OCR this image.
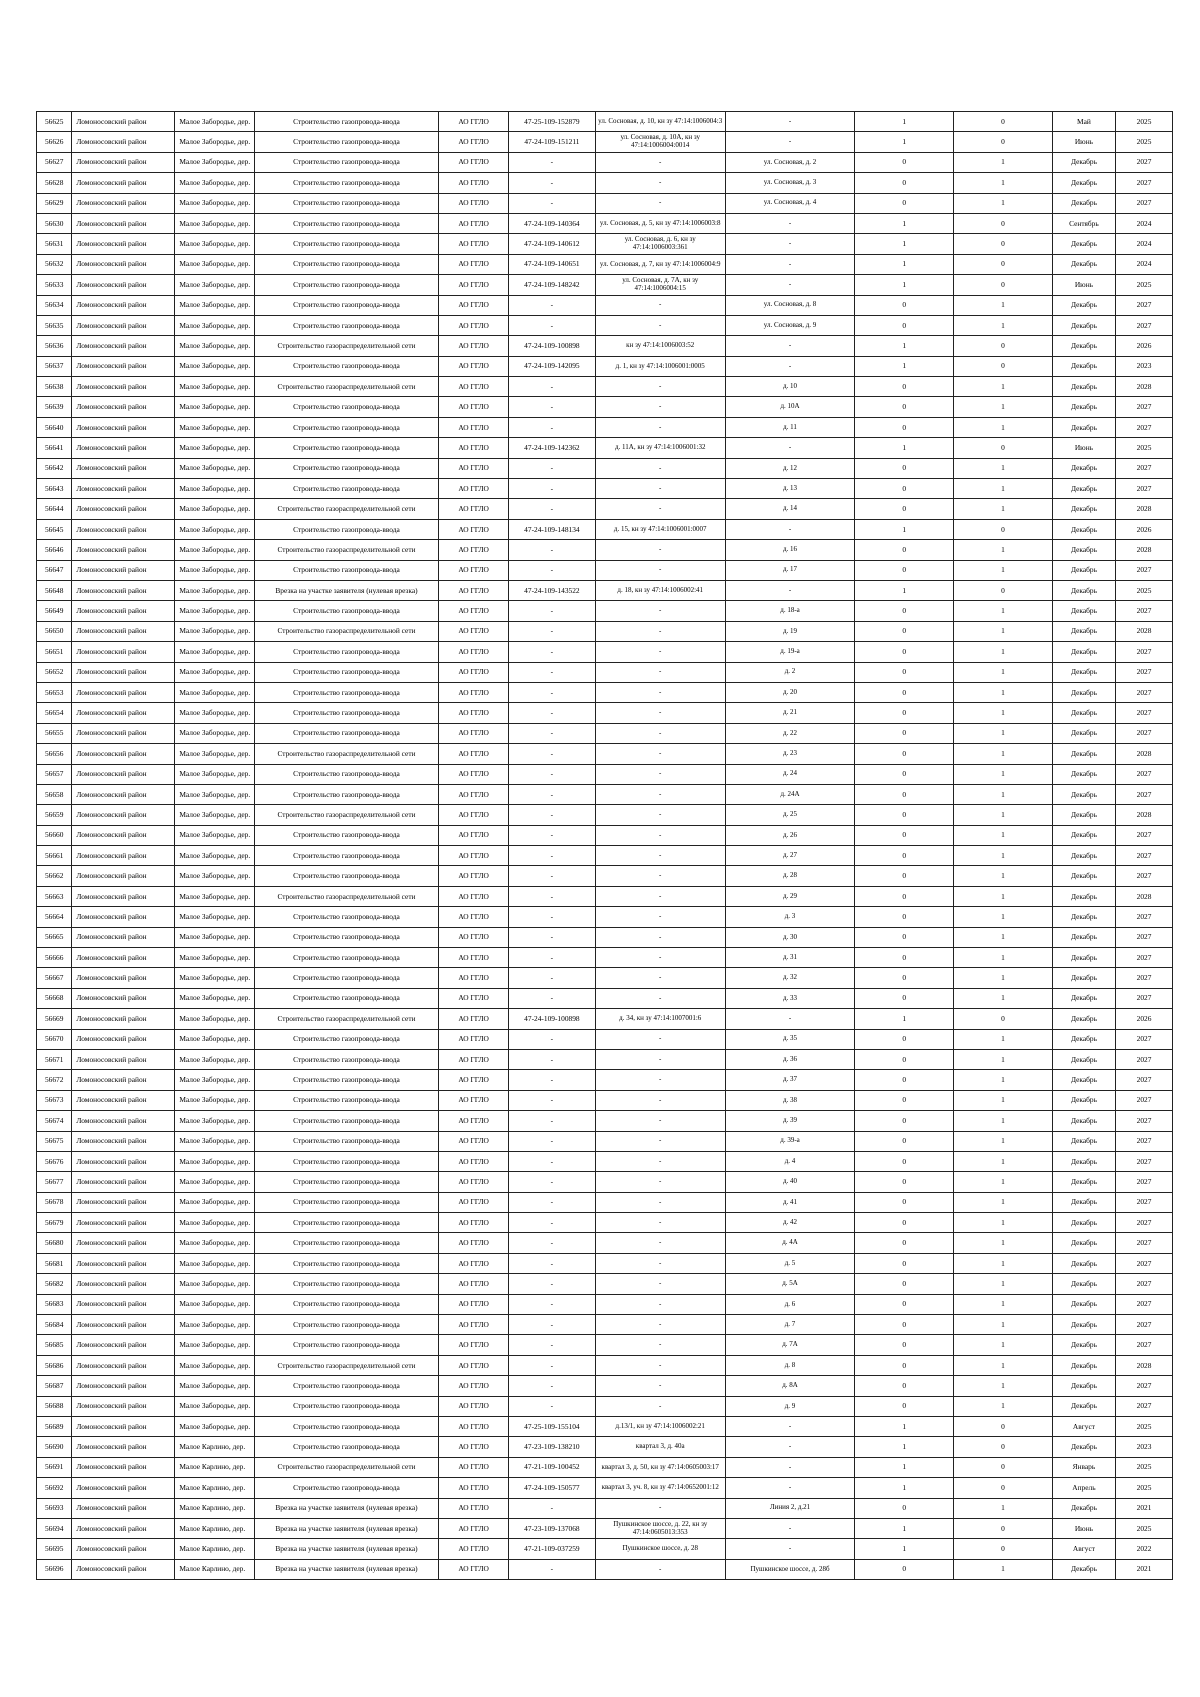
56625	Ломоносовский район	Малое Забородье, дер.	Строительство газопровода-ввода	АО ГГЛО	47-25-109-152879	ул. Сосновая, д. 10, кн зу 47:14:1006004:3	-	1	0	Май	2025
56626	Ломоносовский район	Малое Забородье, дер.	Строительство газопровода-ввода	АО ГГЛО	47-24-109-151211	ул. Сосновая, д. 10А, кн зу 47:14:1006004:0014	-	1	0	Июнь	2025
56627	Ломоносовский район	Малое Забородье, дер.	Строительство газопровода-ввода	АО ГГЛО	-	-	ул. Сосновая, д. 2	0	1	Декабрь	2027
56628	Ломоносовский район	Малое Забородье, дер.	Строительство газопровода-ввода	АО ГГЛО	-	-	ул. Сосновая, д. 3	0	1	Декабрь	2027
56629	Ломоносовский район	Малое Забородье, дер.	Строительство газопровода-ввода	АО ГГЛО	-	-	ул. Сосновая, д. 4	0	1	Декабрь	2027
56630	Ломоносовский район	Малое Забородье, дер.	Строительство газопровода-ввода	АО ГГЛО	47-24-109-140364	ул. Сосновая, д. 5, кн зу 47:14:1006003:8	-	1	0	Сентябрь	2024
56631	Ломоносовский район	Малое Забородье, дер.	Строительство газопровода-ввода	АО ГГЛО	47-24-109-140612	ул. Сосновая, д. 6, кн зу 47:14:1006003:361	-	1	0	Декабрь	2024
56632	Ломоносовский район	Малое Забородье, дер.	Строительство газопровода-ввода	АО ГГЛО	47-24-109-140651	ул. Сосновая, д. 7, кн зу 47:14:1006004:9	-	1	0	Декабрь	2024
56633	Ломоносовский район	Малое Забородье, дер.	Строительство газопровода-ввода	АО ГГЛО	47-24-109-148242	ул. Сосновая, д. 7А, кн зу 47:14:1006004:15	-	1	0	Июнь	2025
56634	Ломоносовский район	Малое Забородье, дер.	Строительство газопровода-ввода	АО ГГЛО	-	-	ул. Сосновая, д. 8	0	1	Декабрь	2027
56635	Ломоносовский район	Малое Забородье, дер.	Строительство газопровода-ввода	АО ГГЛО	-	-	ул. Сосновая, д. 9	0	1	Декабрь	2027
56636	Ломоносовский район	Малое Забородье, дер.	Строительство газораспределительной сети	АО ГГЛО	47-24-109-100898	кн зу 47:14:1006003:52	-	1	0	Декабрь	2026
56637	Ломоносовский район	Малое Забородье, дер.	Строительство газопровода-ввода	АО ГГЛО	47-24-109-142095	д. 1, кн зу 47:14:1006001:0005	-	1	0	Декабрь	2023
56638	Ломоносовский район	Малое Забородье, дер.	Строительство газораспределительной сети	АО ГГЛО	-	-	д. 10	0	1	Декабрь	2028
56639	Ломоносовский район	Малое Забородье, дер.	Строительство газопровода-ввода	АО ГГЛО	-	-	д. 10А	0	1	Декабрь	2027
56640	Ломоносовский район	Малое Забородье, дер.	Строительство газопровода-ввода	АО ГГЛО	-	-	д. 11	0	1	Декабрь	2027
56641	Ломоносовский район	Малое Забородье, дер.	Строительство газопровода-ввода	АО ГГЛО	47-24-109-142362	д. 11А, кн зу 47:14:1006001:32	-	1	0	Июнь	2025
56642	Ломоносовский район	Малое Забородье, дер.	Строительство газопровода-ввода	АО ГГЛО	-	-	д. 12	0	1	Декабрь	2027
56643	Ломоносовский район	Малое Забородье, дер.	Строительство газопровода-ввода	АО ГГЛО	-	-	д. 13	0	1	Декабрь	2027
56644	Ломоносовский район	Малое Забородье, дер.	Строительство газораспределительной сети	АО ГГЛО	-	-	д. 14	0	1	Декабрь	2028
56645	Ломоносовский район	Малое Забородье, дер.	Строительство газопровода-ввода	АО ГГЛО	47-24-109-148134	д. 15, кн зу 47:14:1006001:0007	-	1	0	Декабрь	2026
56646	Ломоносовский район	Малое Забородье, дер.	Строительство газораспределительной сети	АО ГГЛО	-	-	д. 16	0	1	Декабрь	2028
56647	Ломоносовский район	Малое Забородье, дер.	Строительство газопровода-ввода	АО ГГЛО	-	-	д. 17	0	1	Декабрь	2027
56648	Ломоносовский район	Малое Забородье, дер.	Врезка на участке заявителя (нулевая врезка)	АО ГГЛО	47-24-109-143522	д. 18, кн зу 47:14:1006002:41	-	1	0	Декабрь	2025
56649	Ломоносовский район	Малое Забородье, дер.	Строительство газопровода-ввода	АО ГГЛО	-	-	д. 18-а	0	1	Декабрь	2027
56650	Ломоносовский район	Малое Забородье, дер.	Строительство газораспределительной сети	АО ГГЛО	-	-	д. 19	0	1	Декабрь	2028
56651	Ломоносовский район	Малое Забородье, дер.	Строительство газопровода-ввода	АО ГГЛО	-	-	д. 19-а	0	1	Декабрь	2027
56652	Ломоносовский район	Малое Забородье, дер.	Строительство газопровода-ввода	АО ГГЛО	-	-	д. 2	0	1	Декабрь	2027
56653	Ломоносовский район	Малое Забородье, дер.	Строительство газопровода-ввода	АО ГГЛО	-	-	д. 20	0	1	Декабрь	2027
56654	Ломоносовский район	Малое Забородье, дер.	Строительство газопровода-ввода	АО ГГЛО	-	-	д. 21	0	1	Декабрь	2027
56655	Ломоносовский район	Малое Забородье, дер.	Строительство газопровода-ввода	АО ГГЛО	-	-	д. 22	0	1	Декабрь	2027
56656	Ломоносовский район	Малое Забородье, дер.	Строительство газораспределительной сети	АО ГГЛО	-	-	д. 23	0	1	Декабрь	2028
56657	Ломоносовский район	Малое Забородье, дер.	Строительство газопровода-ввода	АО ГГЛО	-	-	д. 24	0	1	Декабрь	2027
56658	Ломоносовский район	Малое Забородье, дер.	Строительство газопровода-ввода	АО ГГЛО	-	-	д. 24А	0	1	Декабрь	2027
56659	Ломоносовский район	Малое Забородье, дер.	Строительство газораспределительной сети	АО ГГЛО	-	-	д. 25	0	1	Декабрь	2028
56660	Ломоносовский район	Малое Забородье, дер.	Строительство газопровода-ввода	АО ГГЛО	-	-	д. 26	0	1	Декабрь	2027
56661	Ломоносовский район	Малое Забородье, дер.	Строительство газопровода-ввода	АО ГГЛО	-	-	д. 27	0	1	Декабрь	2027
56662	Ломоносовский район	Малое Забородье, дер.	Строительство газопровода-ввода	АО ГГЛО	-	-	д. 28	0	1	Декабрь	2027
56663	Ломоносовский район	Малое Забородье, дер.	Строительство газораспределительной сети	АО ГГЛО	-	-	д. 29	0	1	Декабрь	2028
56664	Ломоносовский район	Малое Забородье, дер.	Строительство газопровода-ввода	АО ГГЛО	-	-	д. 3	0	1	Декабрь	2027
56665	Ломоносовский район	Малое Забородье, дер.	Строительство газопровода-ввода	АО ГГЛО	-	-	д. 30	0	1	Декабрь	2027
56666	Ломоносовский район	Малое Забородье, дер.	Строительство газопровода-ввода	АО ГГЛО	-	-	д. 31	0	1	Декабрь	2027
56667	Ломоносовский район	Малое Забородье, дер.	Строительство газопровода-ввода	АО ГГЛО	-	-	д. 32	0	1	Декабрь	2027
56668	Ломоносовский район	Малое Забородье, дер.	Строительство газопровода-ввода	АО ГГЛО	-	-	д. 33	0	1	Декабрь	2027
56669	Ломоносовский район	Малое Забородье, дер.	Строительство газораспределительной сети	АО ГГЛО	47-24-109-100898	д. 34, кн зу 47:14:1007001:6	-	1	0	Декабрь	2026
56670	Ломоносовский район	Малое Забородье, дер.	Строительство газопровода-ввода	АО ГГЛО	-	-	д. 35	0	1	Декабрь	2027
56671	Ломоносовский район	Малое Забородье, дер.	Строительство газопровода-ввода	АО ГГЛО	-	-	д. 36	0	1	Декабрь	2027
56672	Ломоносовский район	Малое Забородье, дер.	Строительство газопровода-ввода	АО ГГЛО	-	-	д. 37	0	1	Декабрь	2027
56673	Ломоносовский район	Малое Забородье, дер.	Строительство газопровода-ввода	АО ГГЛО	-	-	д. 38	0	1	Декабрь	2027
56674	Ломоносовский район	Малое Забородье, дер.	Строительство газопровода-ввода	АО ГГЛО	-	-	д. 39	0	1	Декабрь	2027
56675	Ломоносовский район	Малое Забородье, дер.	Строительство газопровода-ввода	АО ГГЛО	-	-	д. 39-а	0	1	Декабрь	2027
56676	Ломоносовский район	Малое Забородье, дер.	Строительство газопровода-ввода	АО ГГЛО	-	-	д. 4	0	1	Декабрь	2027
56677	Ломоносовский район	Малое Забородье, дер.	Строительство газопровода-ввода	АО ГГЛО	-	-	д. 40	0	1	Декабрь	2027
56678	Ломоносовский район	Малое Забородье, дер.	Строительство газопровода-ввода	АО ГГЛО	-	-	д. 41	0	1	Декабрь	2027
56679	Ломоносовский район	Малое Забородье, дер.	Строительство газопровода-ввода	АО ГГЛО	-	-	д. 42	0	1	Декабрь	2027
56680	Ломоносовский район	Малое Забородье, дер.	Строительство газопровода-ввода	АО ГГЛО	-	-	д. 4А	0	1	Декабрь	2027
56681	Ломоносовский район	Малое Забородье, дер.	Строительство газопровода-ввода	АО ГГЛО	-	-	д. 5	0	1	Декабрь	2027
56682	Ломоносовский район	Малое Забородье, дер.	Строительство газопровода-ввода	АО ГГЛО	-	-	д. 5А	0	1	Декабрь	2027
56683	Ломоносовский район	Малое Забородье, дер.	Строительство газопровода-ввода	АО ГГЛО	-	-	д. 6	0	1	Декабрь	2027
56684	Ломоносовский район	Малое Забородье, дер.	Строительство газопровода-ввода	АО ГГЛО	-	-	д. 7	0	1	Декабрь	2027
56685	Ломоносовский район	Малое Забородье, дер.	Строительство газопровода-ввода	АО ГГЛО	-	-	д. 7А	0	1	Декабрь	2027
56686	Ломоносовский район	Малое Забородье, дер.	Строительство газораспределительной сети	АО ГГЛО	-	-	д. 8	0	1	Декабрь	2028
56687	Ломоносовский район	Малое Забородье, дер.	Строительство газопровода-ввода	АО ГГЛО	-	-	д. 8А	0	1	Декабрь	2027
56688	Ломоносовский район	Малое Забородье, дер.	Строительство газопровода-ввода	АО ГГЛО	-	-	д. 9	0	1	Декабрь	2027
56689	Ломоносовский район	Малое Забородье, дер.	Строительство газопровода-ввода	АО ГГЛО	47-25-109-155104	д.13/1, кн зу 47:14:1006002:21	-	1	0	Август	2025
56690	Ломоносовский район	Малое Карлино, дер.	Строительство газопровода-ввода	АО ГГЛО	47-23-109-138210	квартал 3, д. 40а	-	1	0	Декабрь	2023
56691	Ломоносовский район	Малое Карлино, дер.	Строительство газораспределительной сети	АО ГГЛО	47-21-109-100452	квартал 3, д. 50, кн зу 47:14:0605003:17	-	1	0	Январь	2025
56692	Ломоносовский район	Малое Карлино, дер.	Строительство газопровода-ввода	АО ГГЛО	47-24-109-150577	квартал 3, уч. 8, кн зу 47:14:0652001:12	-	1	0	Апрель	2025
56693	Ломоносовский район	Малое Карлино, дер.	Врезка на участке заявителя (нулевая врезка)	АО ГГЛО	-	-	Линия 2, д.21	0	1	Декабрь	2021
56694	Ломоносовский район	Малое Карлино, дер.	Врезка на участке заявителя (нулевая врезка)	АО ГГЛО	47-23-109-137068	Пушкинское шоссе, д. 22, кн зу 47:14:0605013:353	-	1	0	Июнь	2025
56695	Ломоносовский район	Малое Карлино, дер.	Врезка на участке заявителя (нулевая врезка)	АО ГГЛО	47-21-109-037259	Пушкинское шоссе, д. 28	-	1	0	Август	2022
56696	Ломоносовский район	Малое Карлино, дер.	Врезка на участке заявителя (нулевая врезка)	АО ГГЛО	-	-	Пушкинское шоссе, д. 28б	0	1	Декабрь	2021
